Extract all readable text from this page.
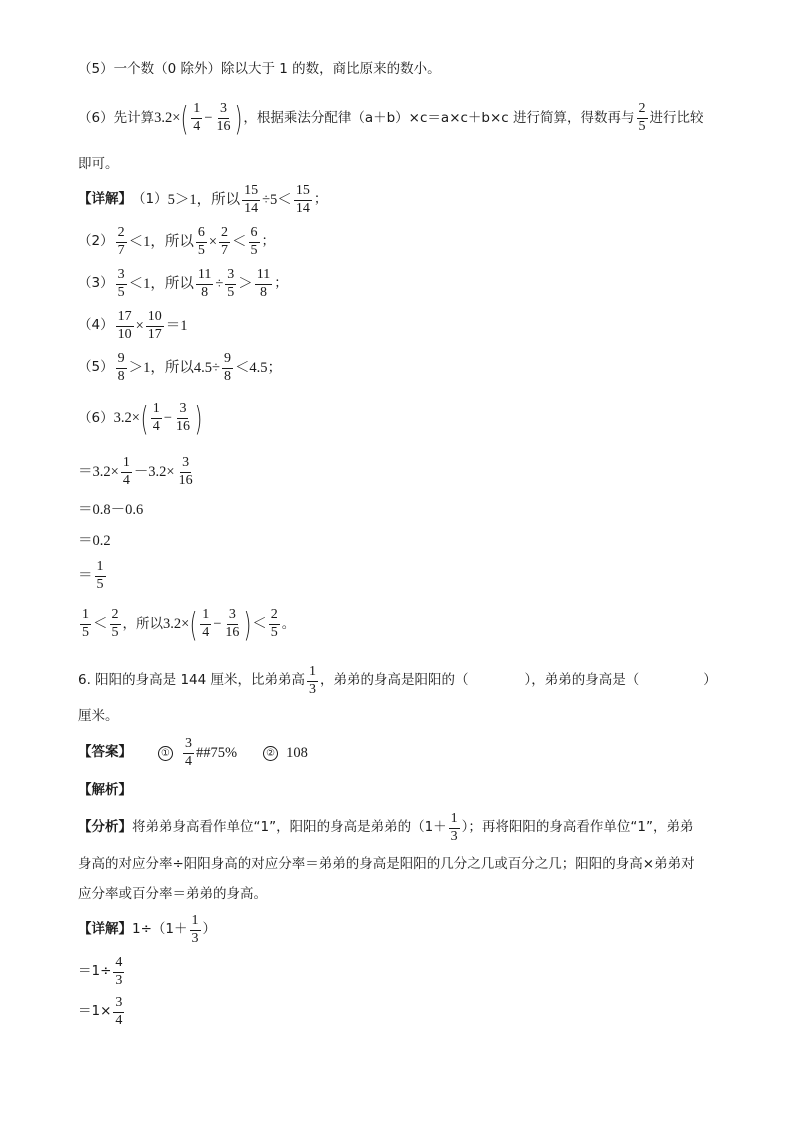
（5）一个数（0 除外）除以大于 1 的数，商比原来的数小。
（6）先计算 3.2× ( $\frac{1}{4} - \frac{3}{16}$ ) ，根据乘法分配律（a＋b）×c＝a×c＋b×c 进行简算，得数再与 $\frac{2}{5}$ 进行比较
即可。
【详解】 （1） 5＞1，所以 $\frac{15}{14} \div 5< \frac{15}{14}$ ；
$(2) \frac{2}{7} <1$，所以 $\frac{6}{5} \times \frac{2}{7} < \frac{6}{5}$ ；
$(3) \frac{3}{5} <1$，所以 $\frac{11}{8} \div \frac{3}{5} > \frac{11}{8}$ ；
$(4) \frac{17}{10} \times \frac{10}{17} =1$
$(5) \frac{9}{8} >1$，所以 $4.5\div \frac{9}{8} <4.5$；
（6） 3.2× ( $\frac{1}{4} - \frac{3}{16}$ )
$=3.2\times \frac{1}{4} -3.2\times \frac{3}{16}$
＝0.8－0.6
＝0.2
＝ $\frac{1}{5}$
$\frac{1}{5} < \frac{2}{5}$ ，所以 3.2× ( $\frac{1}{4} - \frac{3}{16}$ ) ＜ $\frac{2}{5}$ 。
6. 阳阳的身高是 144 厘米，比弟弟高 $\frac{1}{3}$ ，弟弟的身高是阳阳的（	），弟弟的身高是（	）
厘米。
【答案】	① $\frac{3}{4}$ ##75%	② 108
【解析】
【分析】 将弟弟身高看作单位“1”，阳阳的身高是弟弟的（$1+ \frac{1}{3}$ ）；再将阳阳的身高看作单位“1”，弟弟
身高的对应分率÷阳阳身高的对应分率＝弟弟的身高是阳阳的几分之几或百分之几；阳阳的身高×弟弟对
应分率或百分率＝弟弟的身高。
【详解】 $1\div(1+ \frac{1}{3}$ ）
$=1\div \frac{4}{3}$
$=1\times \frac{3}{4}$
